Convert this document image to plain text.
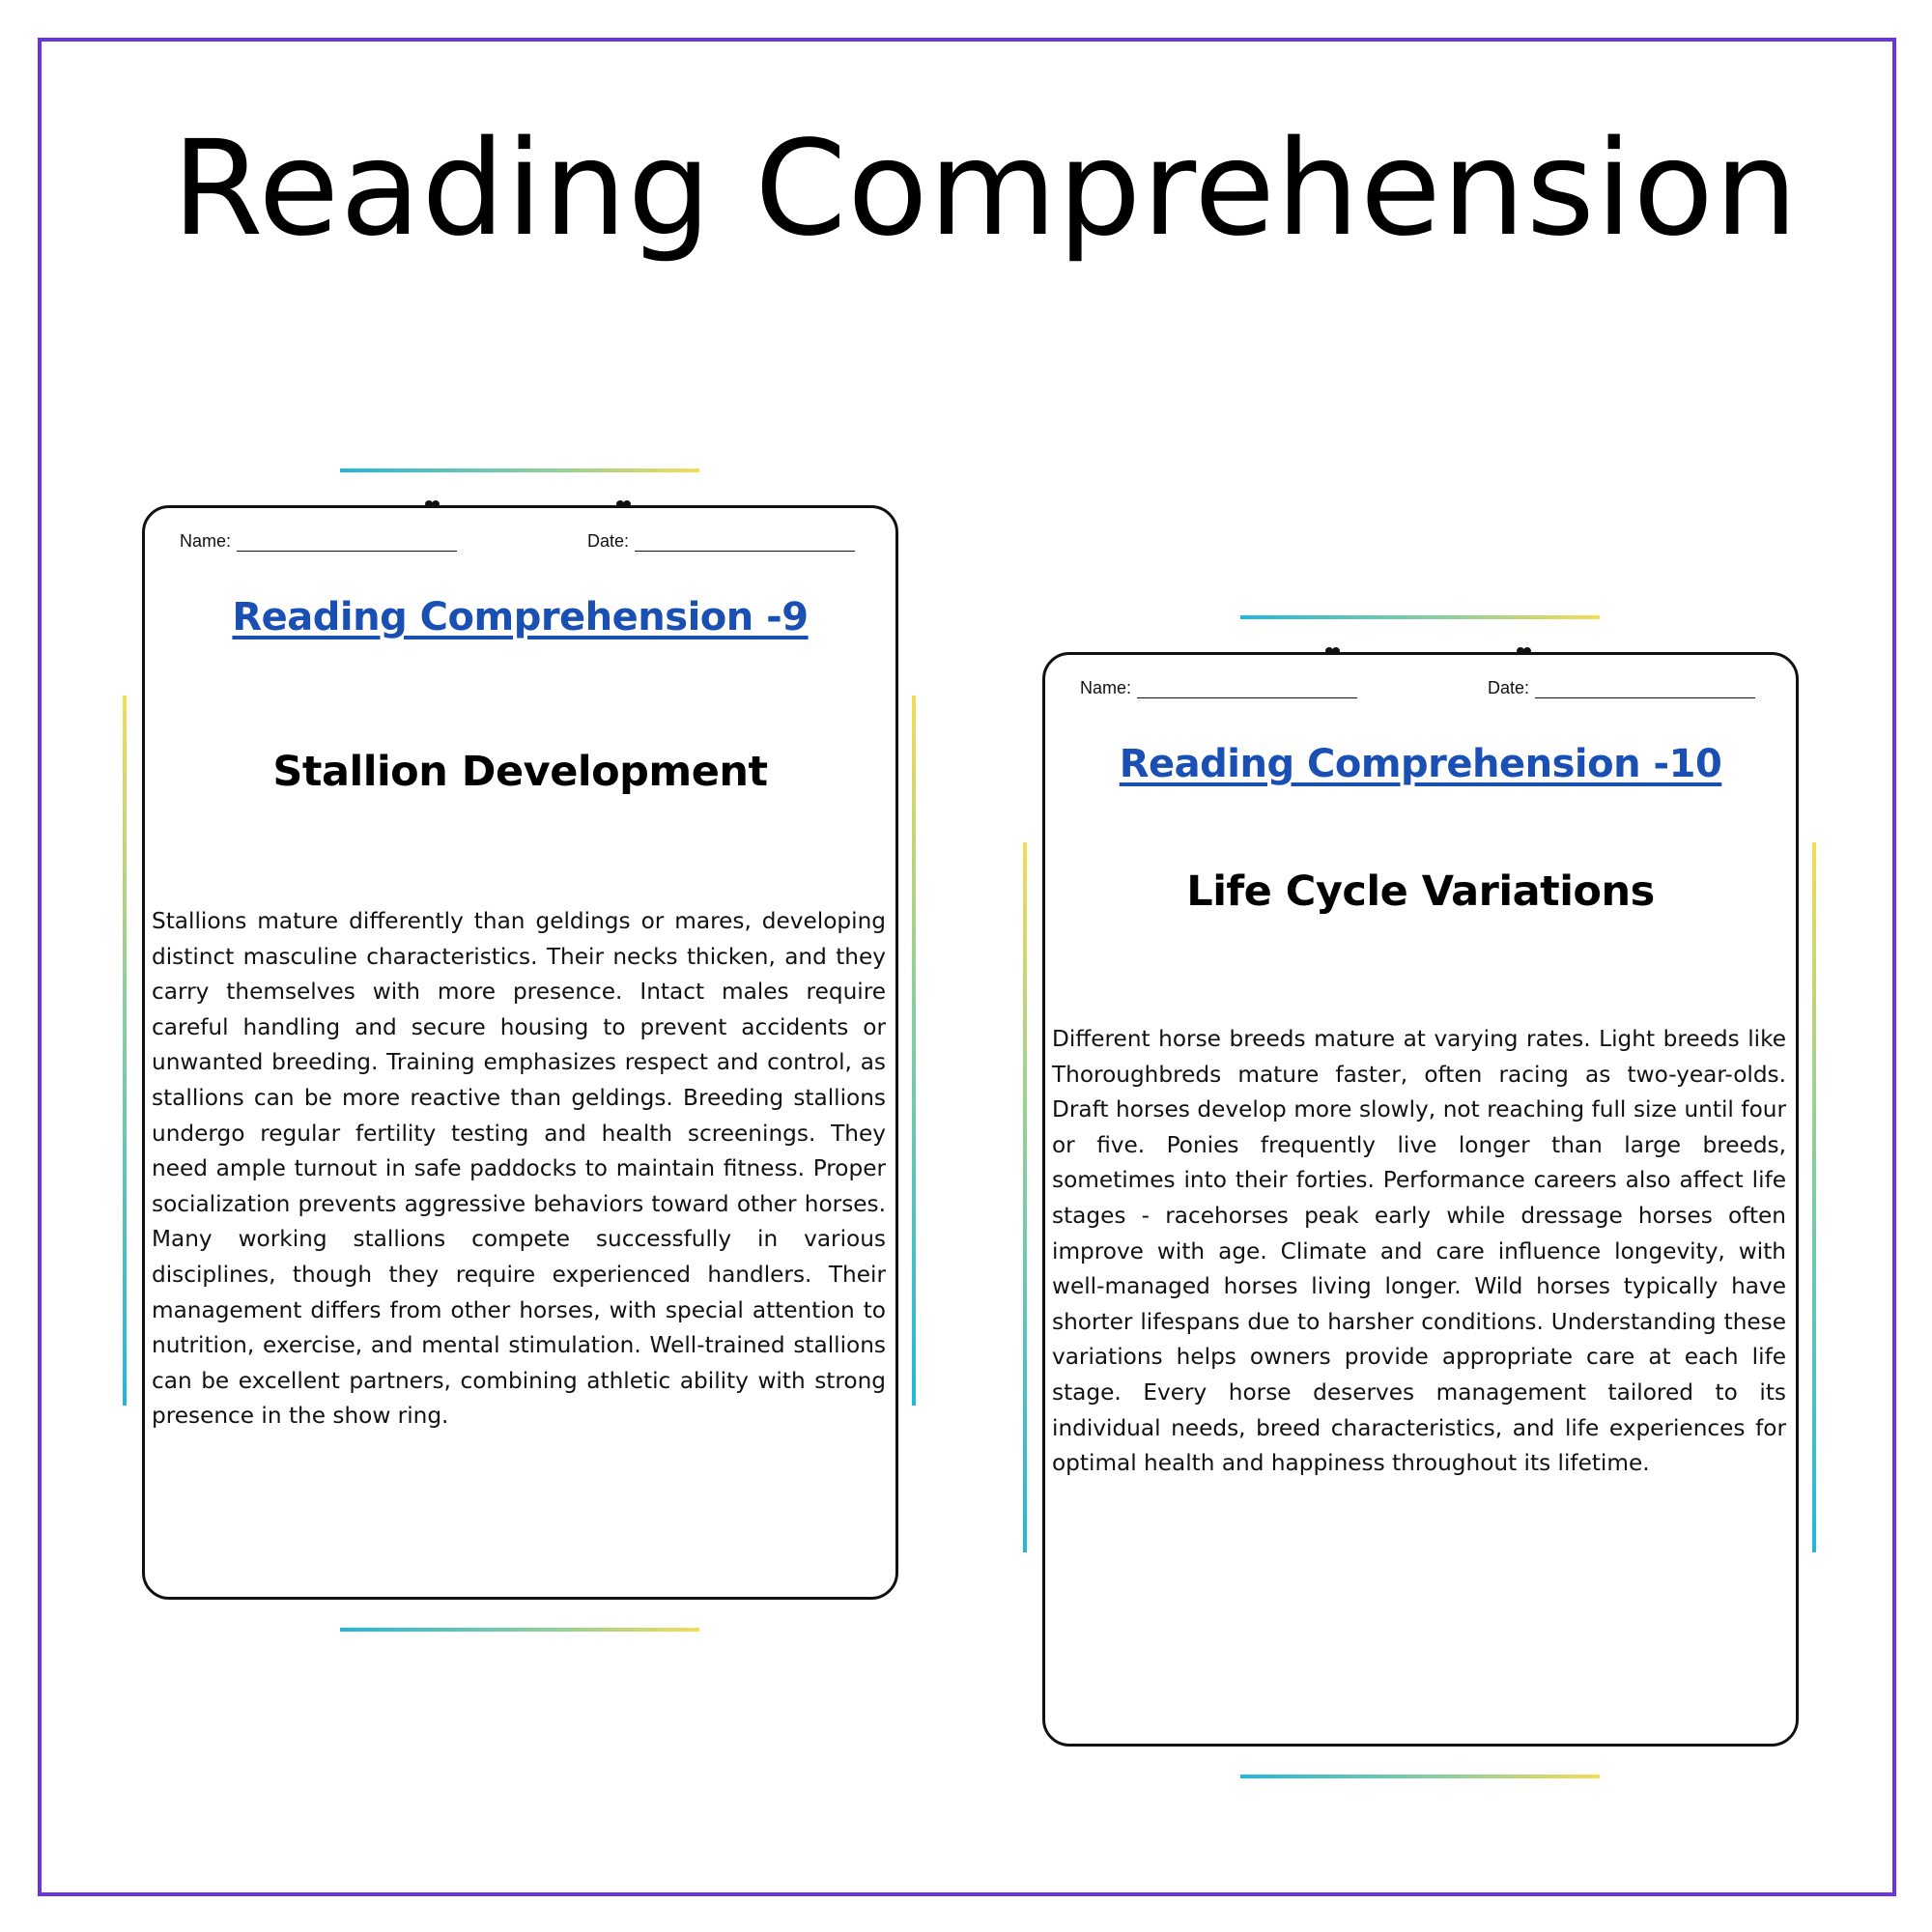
Reading Comprehension
Name:	Date:
Reading Comprehension -9
Stallion Development

Stallions mature differently than geldings or mares, developing distinct masculine characteristics. Their necks thicken, and they carry themselves with more presence. Intact males require careful handling and secure housing to prevent accidents or unwanted breeding. Training emphasizes respect and control, as stallions can be more reactive than geldings. Breeding stallions undergo regular fertility testing and health screenings. They need ample turnout in safe paddocks to maintain fitness. Proper socialization prevents aggressive behaviors toward other horses. Many working stallions compete successfully in various disciplines, though they require experienced handlers. Their management differs from other horses, with special attention to nutrition, exercise, and mental stimulation. Well-trained stallions can be excellent partners, combining athletic ability with strong presence in the show ring.

Name:	Date:
Reading Comprehension -10
Life Cycle Variations

Different horse breeds mature at varying rates. Light breeds like Thoroughbreds mature faster, often racing as two-year-olds. Draft horses develop more slowly, not reaching full size until four or five. Ponies frequently live longer than large breeds, sometimes into their forties. Performance careers also affect life stages - racehorses peak early while dressage horses often improve with age. Climate and care influence longevity, with well-managed horses living longer. Wild horses typically have shorter lifespans due to harsher conditions. Understanding these variations helps owners provide appropriate care at each life stage. Every horse deserves management tailored to its individual needs, breed characteristics, and life experiences for optimal health and happiness throughout its lifetime.
